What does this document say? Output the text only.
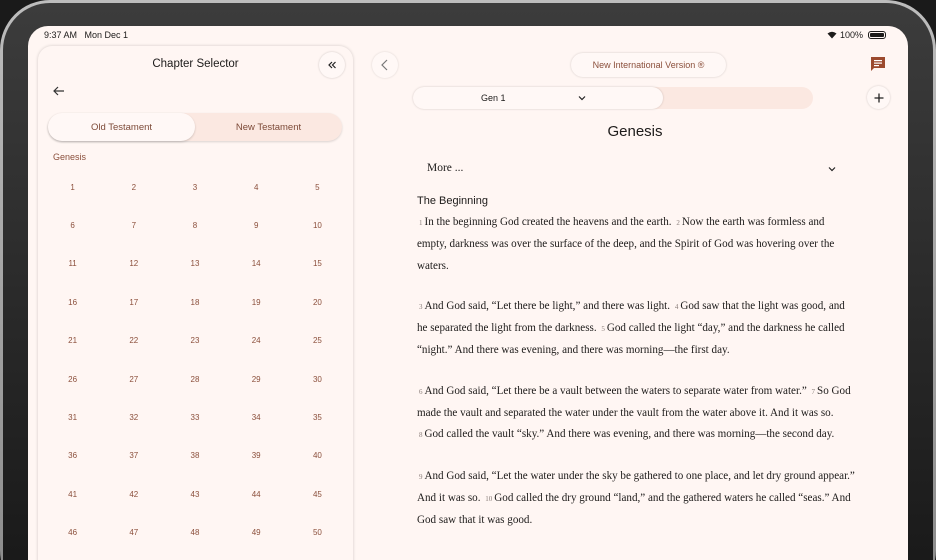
9:37 AM Mon Dec 1	100%
Chapter Selector
Old Testament	New Testament
Genesis
1	2	3	4	5
6	7	8	9	10
11	12	13	14	15
16	17	18	19	20
21	22	23	24	25
26	27	28	29	30
31	32	33	34	35
36	37	38	39	40
41	42	43	44	45
46	47	48	49	50
New International Version ®
Gen 1
Genesis
More ...
The Beginning
1 In the beginning God created the heavens and the earth. 2 Now the earth was formless and empty, darkness was over the surface of the deep, and the Spirit of God was hovering over the waters.
3 And God said, “Let there be light,” and there was light. 4 God saw that the light was good, and he separated the light from the darkness. 5 God called the light “day,” and the darkness he called “night.” And there was evening, and there was morning—the first day.
6 And God said, “Let there be a vault between the waters to separate water from water.” 7 So God made the vault and separated the water under the vault from the water above it. And it was so. 8 God called the vault “sky.” And there was evening, and there was morning—the second day.
9 And God said, “Let the water under the sky be gathered to one place, and let dry ground appear.” And it was so. 10 God called the dry ground “land,” and the gathered waters he called “seas.” And God saw that it was good.
